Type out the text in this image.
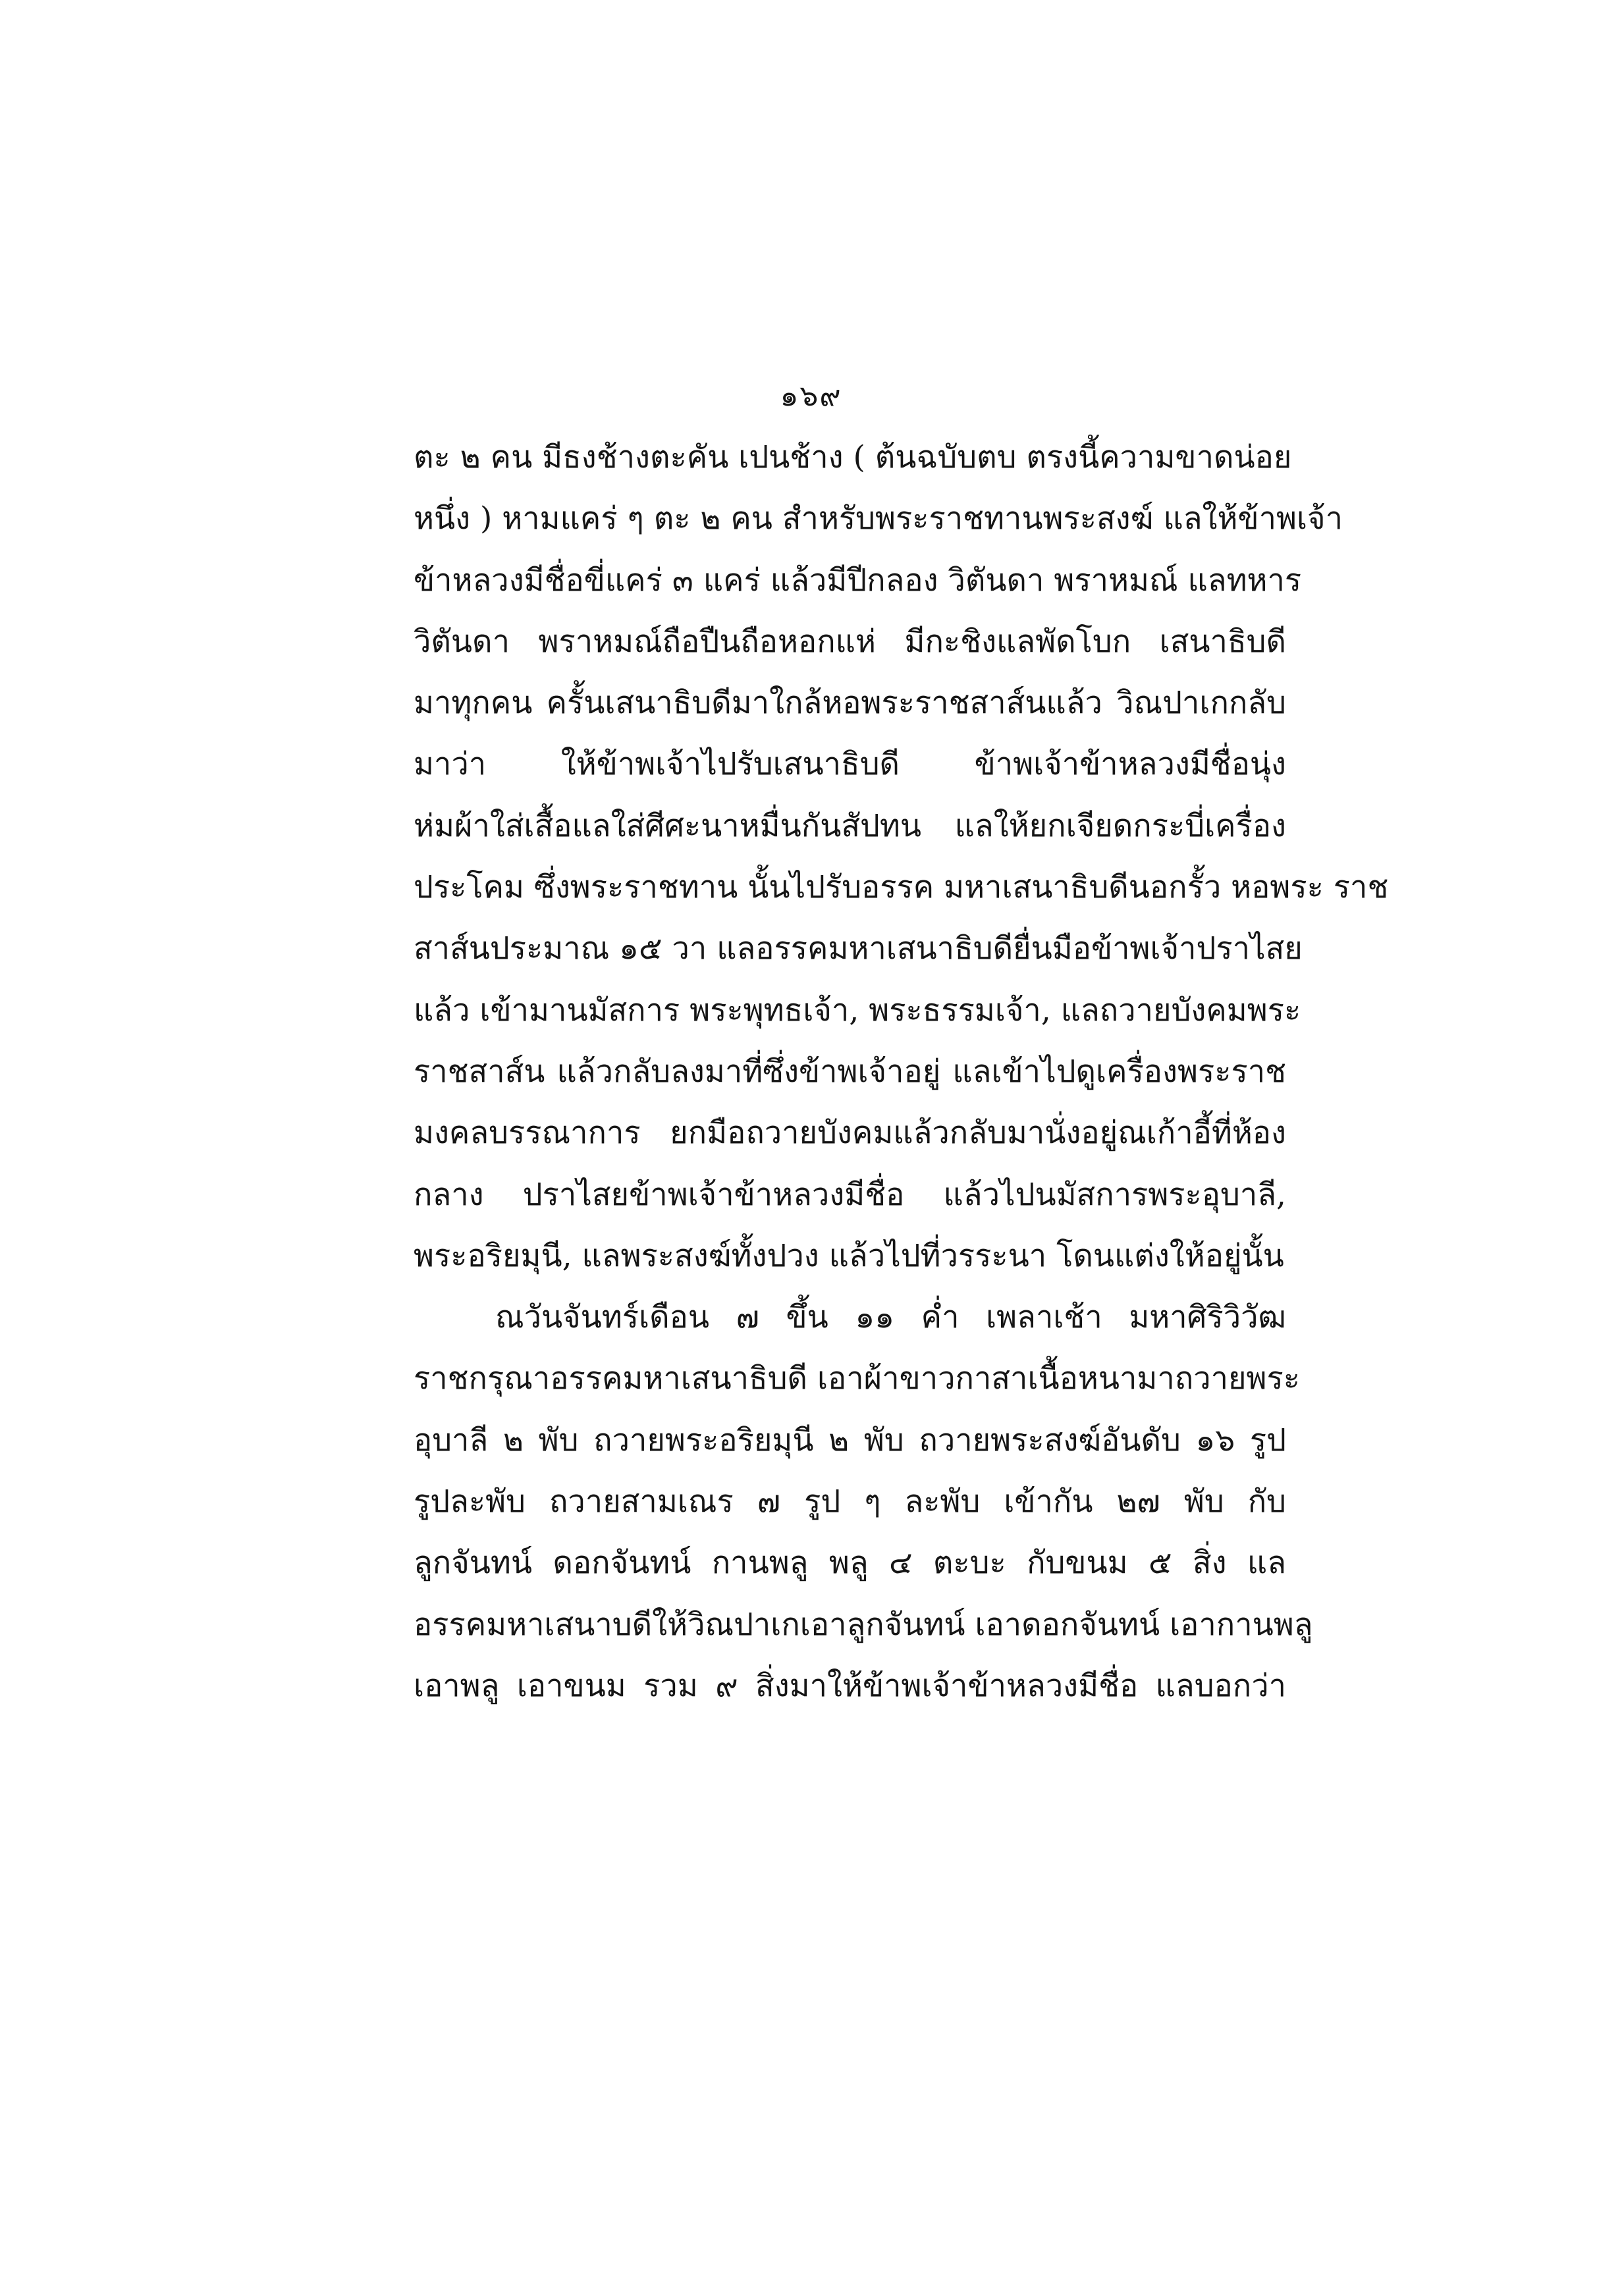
๑๖๙
ตะ ๒ คน มีธงช้างตะคัน เปนช้าง ( ต้นฉบับตบ ตรงนี้ความขาดน่อย
หนึ่ง ) หามแคร่ ๆ ตะ ๒ คน สำหรับพระราชทานพระสงฆ์ แลให้ข้าพเจ้า
ข้าหลวงมีชื่อขี่แคร่ ๓ แคร่ แล้วมีปีกลอง วิตันดา พราหมณ์ แลทหาร
วิตันดา พราหมณ์ถือปืนถือหอกแห่ มีกะชิงแลพัดโบก เสนาธิบดี
มาทุกคน ครั้นเสนาธิบดีมาใกล้หอพระราชสาส์นแล้ว วิณปาเกกลับ
มาว่า ให้ข้าพเจ้าไปรับเสนาธิบดี ข้าพเจ้าข้าหลวงมีชื่อนุ่ง
ห่มผ้าใส่เสื้อแลใส่ศีศะนาหมื่นกันสัปทน แลให้ยกเจียดกระบี่เครื่อง
ประโคม ซึ่งพระราชทาน นั้นไปรับอรรค มหาเสนาธิบดีนอกรั้ว หอพระ ราช
สาส์นประมาณ ๑๕ วา แลอรรคมหาเสนาธิบดียื่นมือข้าพเจ้าปราไสย
แล้ว เข้ามานมัสการ พระพุทธเจ้า, พระธรรมเจ้า, แลถวายบังคมพระ
ราชสาส์น แล้วกลับลงมาที่ซึ่งข้าพเจ้าอยู่ แลเข้าไปดูเครื่องพระราช
มงคลบรรณาการ ยกมือถวายบังคมแล้วกลับมานั่งอยู่ณเก้าอี้ที่ห้อง
กลาง ปราไสยข้าพเจ้าข้าหลวงมีชื่อ แล้วไปนมัสการพระอุบาลี,
พระอริยมุนี, แลพระสงฆ์ทั้งปวง แล้วไปที่วรระนา โดนแต่งให้อยู่นั้น
ณวันจันทร์เดือน ๗ ขึ้น ๑๑ ค่ำ เพลาเช้า มหาศิริวิวัฒ
ราชกรุณาอรรคมหาเสนาธิบดี เอาผ้าขาวกาสาเนื้อหนามาถวายพระ
อุบาลี ๒ พับ ถวายพระอริยมุนี ๒ พับ ถวายพระสงฆ์อันดับ ๑๖ รูป
รูปละพับ ถวายสามเณร ๗ รูป ๆ ละพับ เข้ากัน ๒๗ พับ กับ
ลูกจันทน์ ดอกจันทน์ กานพลู พลู ๔ ตะบะ กับขนม ๕ สิ่ง แล
อรรคมหาเสนาบดีให้วิณปาเกเอาลูกจันทน์ เอาดอกจันทน์ เอากานพลู
เอาพลู เอาขนม รวม ๙ สิ่งมาให้ข้าพเจ้าข้าหลวงมีชื่อ แลบอกว่า
